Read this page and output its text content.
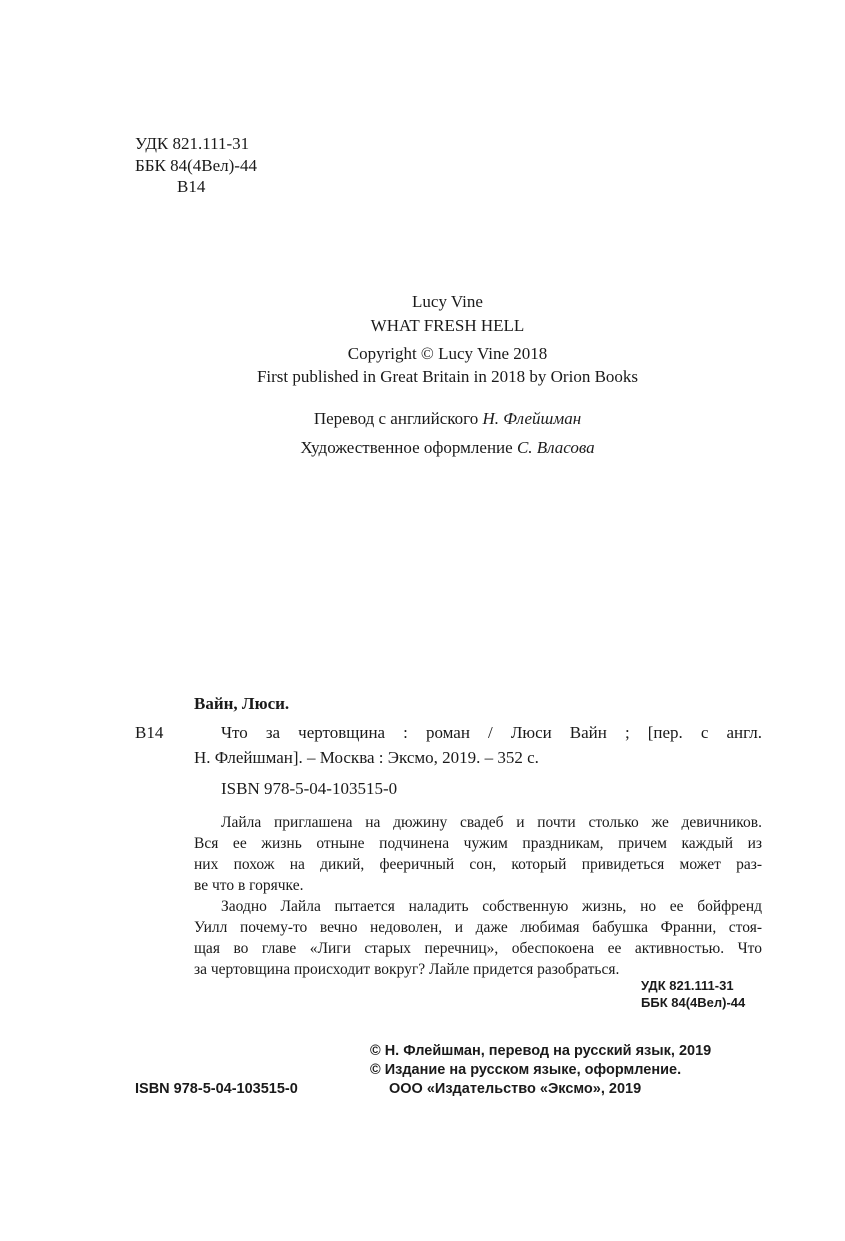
УДК 821.111-31
ББК 84(4Вел)-44
В14
Lucy Vine
WHAT FRESH HELL
Copyright © Lucy Vine 2018
First published in Great Britain in 2018 by Orion Books
Перевод с английского Н. Флейшман
Художественное оформление С. Власова
Вайн, Люси.
В14	Что за чертовщина : роман / Люси Вайн ; [пер. с англ.
Н. Флейшман]. – Москва : Эксмо, 2019. – 352 с.
ISBN 978-5-04-103515-0
Лайла приглашена на дюжину свадеб и почти столько же девичников.
Вся ее жизнь отныне подчинена чужим праздникам, причем каждый из
них похож на дикий, фееричный сон, который привидеться может раз-
ве что в горячке.
Заодно Лайла пытается наладить собственную жизнь, но ее бойфренд
Уилл почему-то вечно недоволен, и даже любимая бабушка Франни, стоя-
щая во главе «Лиги старых перечниц», обеспокоена ее активностью. Что
за чертовщина происходит вокруг? Лайле придется разобраться.
УДК 821.111-31
ББК 84(4Вел)-44
ISBN 978-5-04-103515-0
© Н. Флейшман, перевод на русский язык, 2019
© Издание на русском языке, оформление.
ООО «Издательство «Эксмо», 2019
